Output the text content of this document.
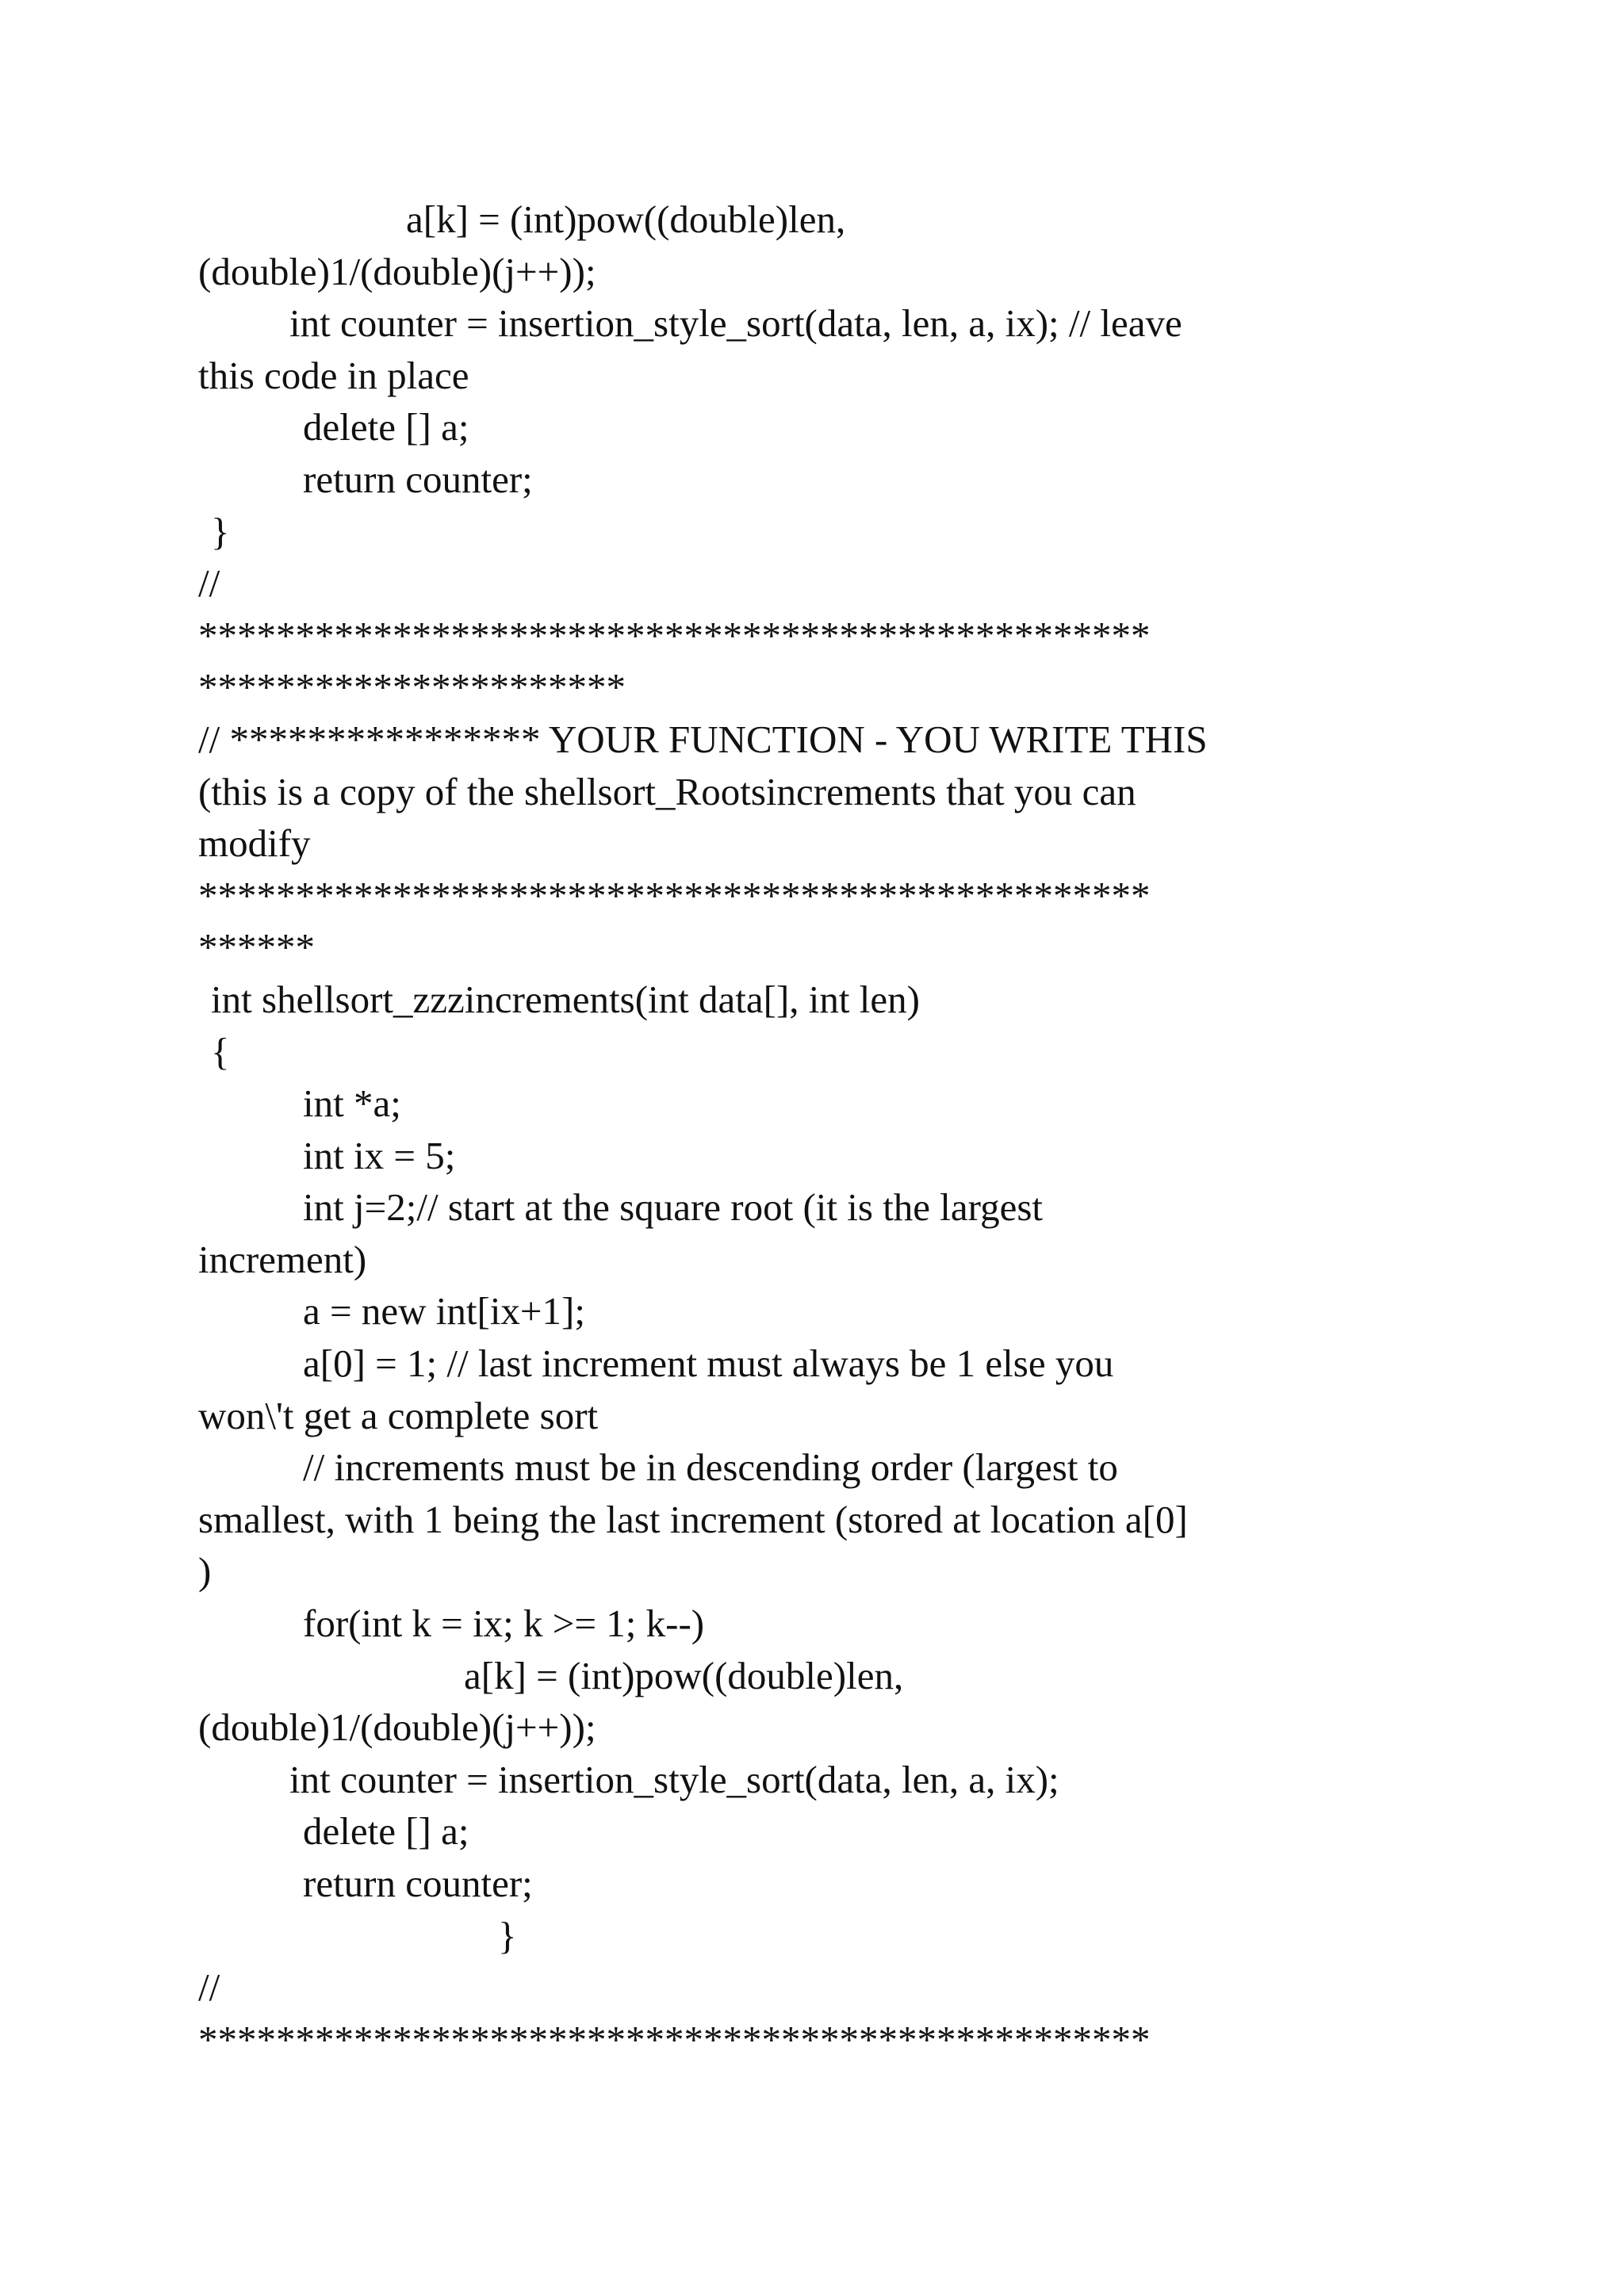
a[k] = (int)pow((double)len,
(double)1/(double)(j++));
int counter = insertion_style_sort(data, len, a, ix); // leave
this code in place
delete [] a;
return counter;
}
//
*************************************************
**********************
// **************** YOUR FUNCTION - YOU WRITE THIS
(this is a copy of the shellsort_Rootsincrements that you can
modify
*************************************************
******
int shellsort_zzzincrements(int data[], int len)
{
int *a;
int ix = 5;
int j=2;// start at the square root (it is the largest
increment)
a = new int[ix+1];
a[0] = 1; // last increment must always be 1 else you
won\'t get a complete sort
// increments must be in descending order (largest to
smallest, with 1 being the last increment (stored at location a[0]
)
for(int k = ix; k >= 1; k--)
a[k] = (int)pow((double)len,
(double)1/(double)(j++));
int counter = insertion_style_sort(data, len, a, ix);
delete [] a;
return counter;
}
//
*************************************************
